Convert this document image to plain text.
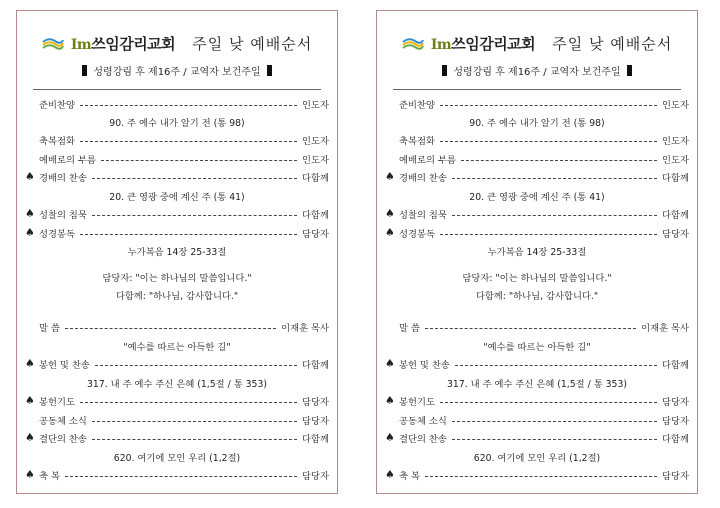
Im쓰임감리교회 주일 낮 예배순서
성령강림 후 제16주 / 교역자 보건주일
준비찬양	인도자
90. 주 예수 내가 알기 전 (통 98)
축복점화	인도자
예배로의 부름	인도자
♠ 경배의 찬송	다함께
20. 큰 영광 중에 계신 주 (통 41)
♠ 성찰의 침묵	다함께
♠ 성경봉독	담당자
누가복음 14장 25-33절
담당자: "이는 하나님의 말씀입니다."
다함께: "하나님, 감사합니다."
말 씀	이재훈 목사
"예수를 따르는 아득한 길"
♠ 봉헌 및 찬송	다함께
317. 내 주 예수 주신 은혜 (1,5절 / 통 353)
♠ 봉헌기도	담당자
공동체 소식	담당자
♠ 결단의 찬송	다함께
620. 여기에 모인 우리 (1,2절)
♠ 축 복	담당자
Im쓰임감리교회 주일 낮 예배순서
성령강림 후 제16주 / 교역자 보건주일
준비찬양	인도자
90. 주 예수 내가 알기 전 (통 98)
축복점화	인도자
예배로의 부름	인도자
♠ 경배의 찬송	다함께
20. 큰 영광 중에 계신 주 (통 41)
♠ 성찰의 침묵	다함께
♠ 성경봉독	담당자
누가복음 14장 25-33절
담당자: "이는 하나님의 말씀입니다."
다함께: "하나님, 감사합니다."
말 씀	이재훈 목사
"예수를 따르는 아득한 길"
♠ 봉헌 및 찬송	다함께
317. 내 주 예수 주신 은혜 (1,5절 / 통 353)
♠ 봉헌기도	담당자
공동체 소식	담당자
♠ 결단의 찬송	다함께
620. 여기에 모인 우리 (1,2절)
♠ 축 복	담당자
